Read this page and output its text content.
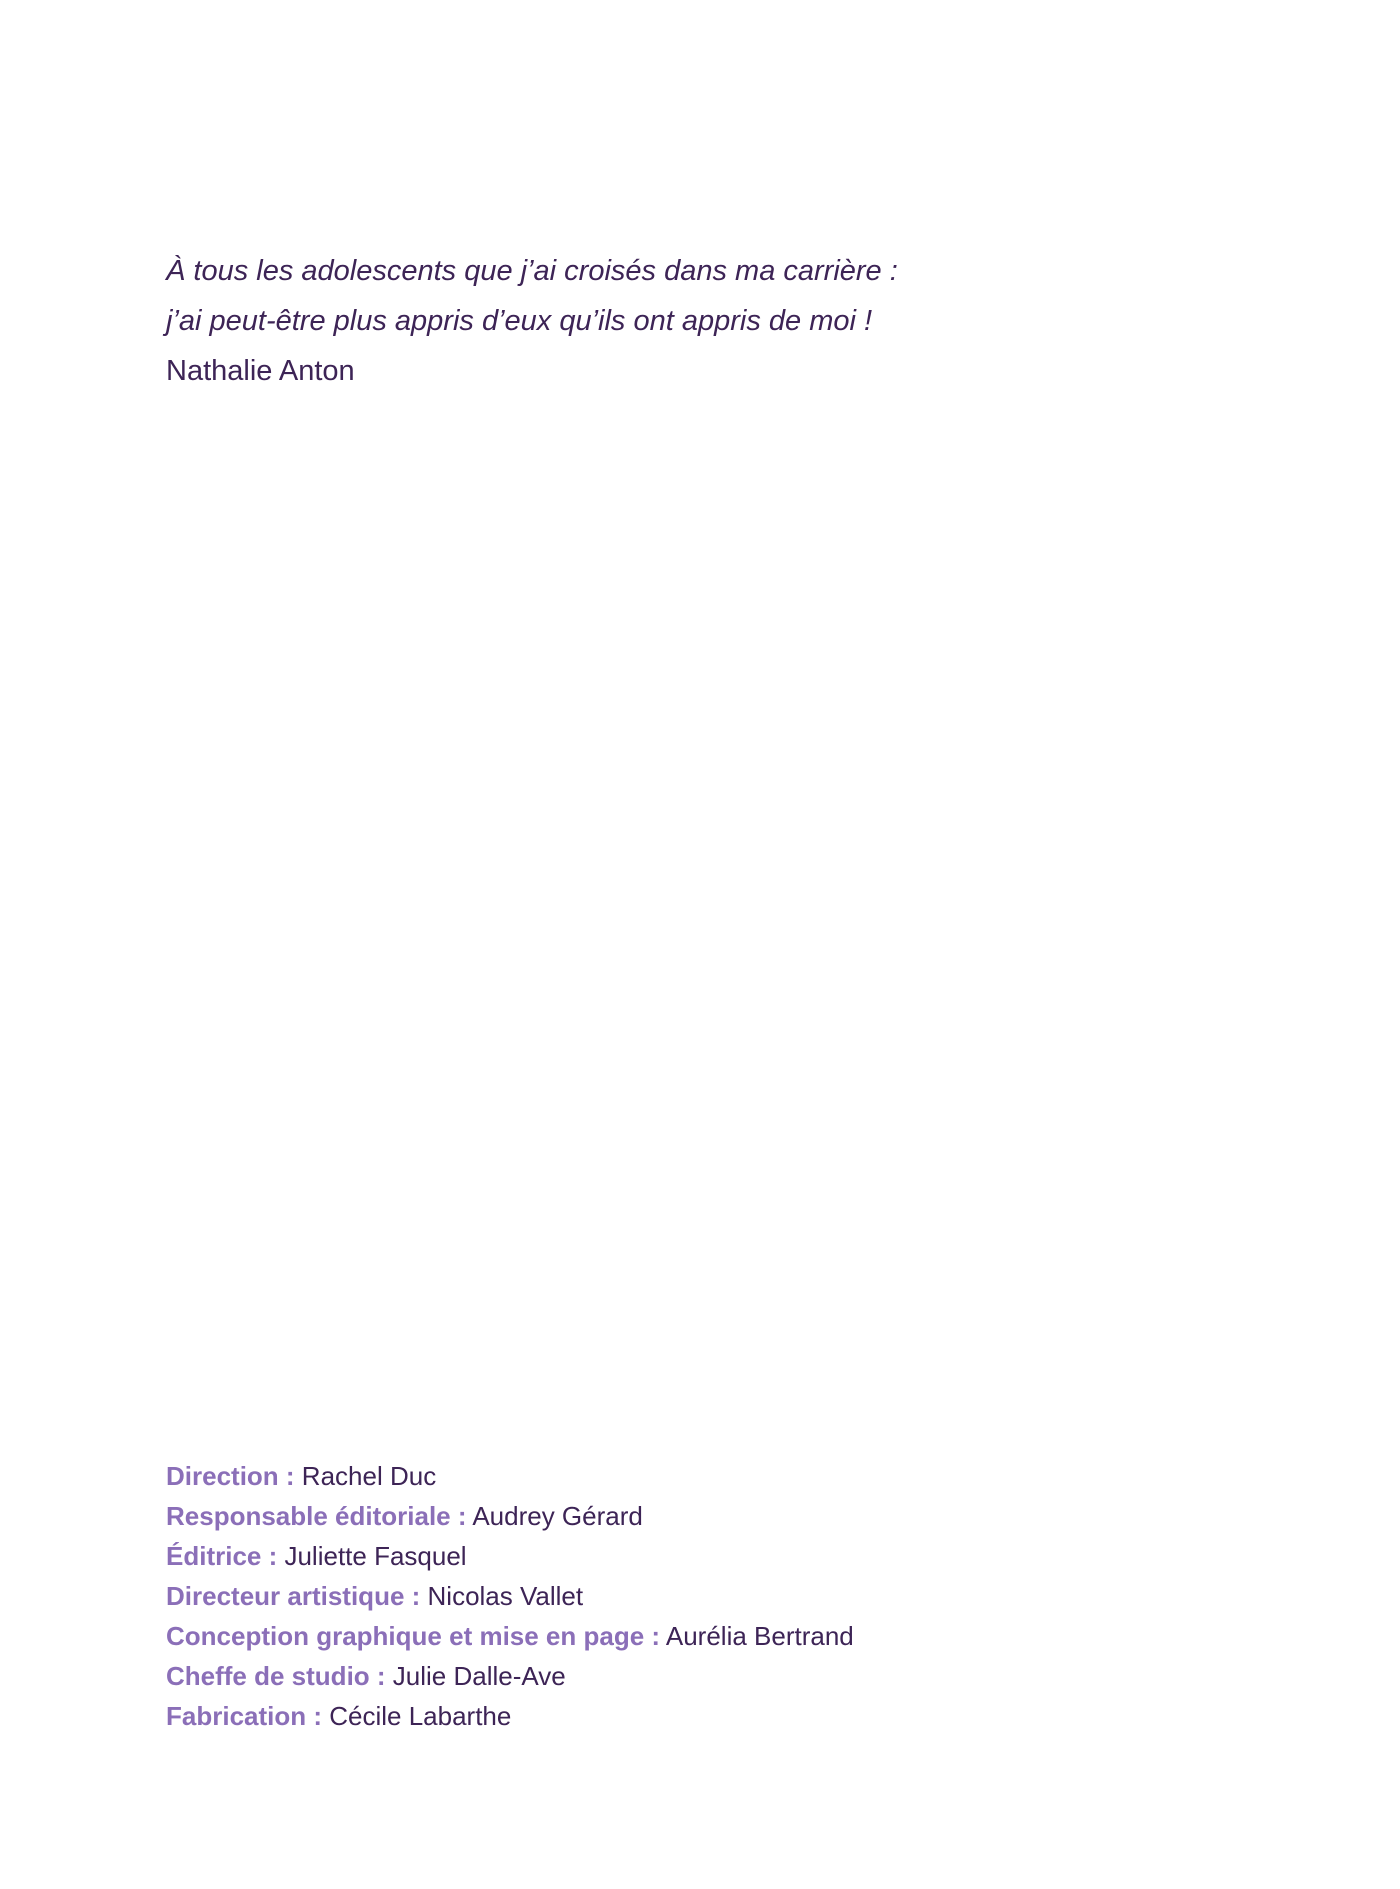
À tous les adolescents que j’ai croisés dans ma carrière :
j’ai peut-être plus appris d’eux qu’ils ont appris de moi !
Nathalie Anton
Direction : Rachel Duc
Responsable éditoriale : Audrey Gérard
Éditrice : Juliette Fasquel
Directeur artistique : Nicolas Vallet
Conception graphique et mise en page : Aurélia Bertrand
Cheffe de studio : Julie Dalle-Ave
Fabrication : Cécile Labarthe
